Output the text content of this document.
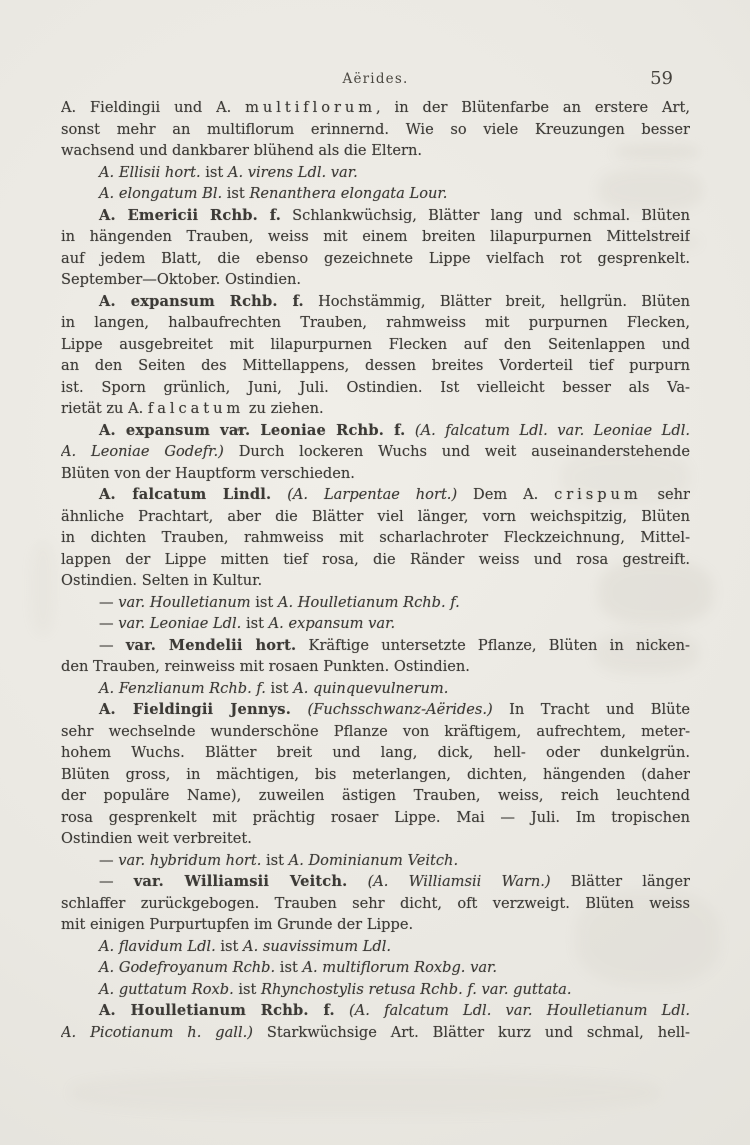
Aërides.	59
A. Fieldingii und A. multiflorum, in der Blütenfarbe an erstere Art,
sonst mehr an multiflorum erinnernd. Wie so viele Kreuzungen besser
wachsend und dankbarer blühend als die Eltern.
A. Ellisii hort. ist A. virens Ldl. var.
A. elongatum Bl. ist Renanthera elongata Lour.
A. Emericii Rchb. f. Schlankwüchsig, Blätter lang und schmal. Blüten
in hängenden Trauben, weiss mit einem breiten lilapurpurnen Mittelstreif
auf jedem Blatt, die ebenso gezeichnete Lippe vielfach rot gesprenkelt.
September—Oktober. Ostindien.
A. expansum Rchb. f. Hochstämmig, Blätter breit, hellgrün. Blüten
in langen, halbaufrechten Trauben, rahmweiss mit purpurnen Flecken,
Lippe ausgebreitet mit lilapurpurnen Flecken auf den Seitenlappen und
an den Seiten des Mittellappens, dessen breites Vorderteil tief purpurn
ist. Sporn grünlich, Juni, Juli. Ostindien. Ist vielleicht besser als Va-
rietät zu A. falcatum zu ziehen.
A. expansum var. Leoniae Rchb. f. (A. falcatum Ldl. var. Leoniae Ldl.
A. Leoniae Godefr.) Durch lockeren Wuchs und weit auseinanderstehende
Blüten von der Hauptform verschieden.
A. falcatum Lindl. (A. Larpentae hort.) Dem A. crispum sehr
ähnliche Prachtart, aber die Blätter viel länger, vorn weichspitzig, Blüten
in dichten Trauben, rahmweiss mit scharlachroter Fleckzeichnung, Mittel-
lappen der Lippe mitten tief rosa, die Ränder weiss und rosa gestreift.
Ostindien. Selten in Kultur.
— var. Houlletianum ist A. Houlletianum Rchb. f.
— var. Leoniae Ldl. ist A. expansum var.
— var. Mendelii hort. Kräftige untersetzte Pflanze, Blüten in nicken-
den Trauben, reinweiss mit rosaen Punkten. Ostindien.
A. Fenzlianum Rchb. f. ist A. quinquevulnerum.
A. Fieldingii Jennys. (Fuchsschwanz-Aërides.) In Tracht und Blüte
sehr wechselnde wunderschöne Pflanze von kräftigem, aufrechtem, meter-
hohem Wuchs. Blätter breit und lang, dick, hell- oder dunkelgrün.
Blüten gross, in mächtigen, bis meterlangen, dichten, hängenden (daher
der populäre Name), zuweilen ästigen Trauben, weiss, reich leuchtend
rosa gesprenkelt mit prächtig rosaer Lippe. Mai — Juli. Im tropischen
Ostindien weit verbreitet.
— var. hybridum hort. ist A. Dominianum Veitch.
— var. Williamsii Veitch. (A. Williamsii Warn.) Blätter länger
schlaffer zurückgebogen. Trauben sehr dicht, oft verzweigt. Blüten weiss
mit einigen Purpurtupfen im Grunde der Lippe.
A. flavidum Ldl. ist A. suavissimum Ldl.
A. Godefroyanum Rchb. ist A. multiflorum Roxbg. var.
A. guttatum Roxb. ist Rhynchostylis retusa Rchb. f. var. guttata.
A. Houlletianum Rchb. f. (A. falcatum Ldl. var. Houlletianum Ldl.
A. Picotianum h. gall.) Starkwüchsige Art. Blätter kurz und schmal, hell-
